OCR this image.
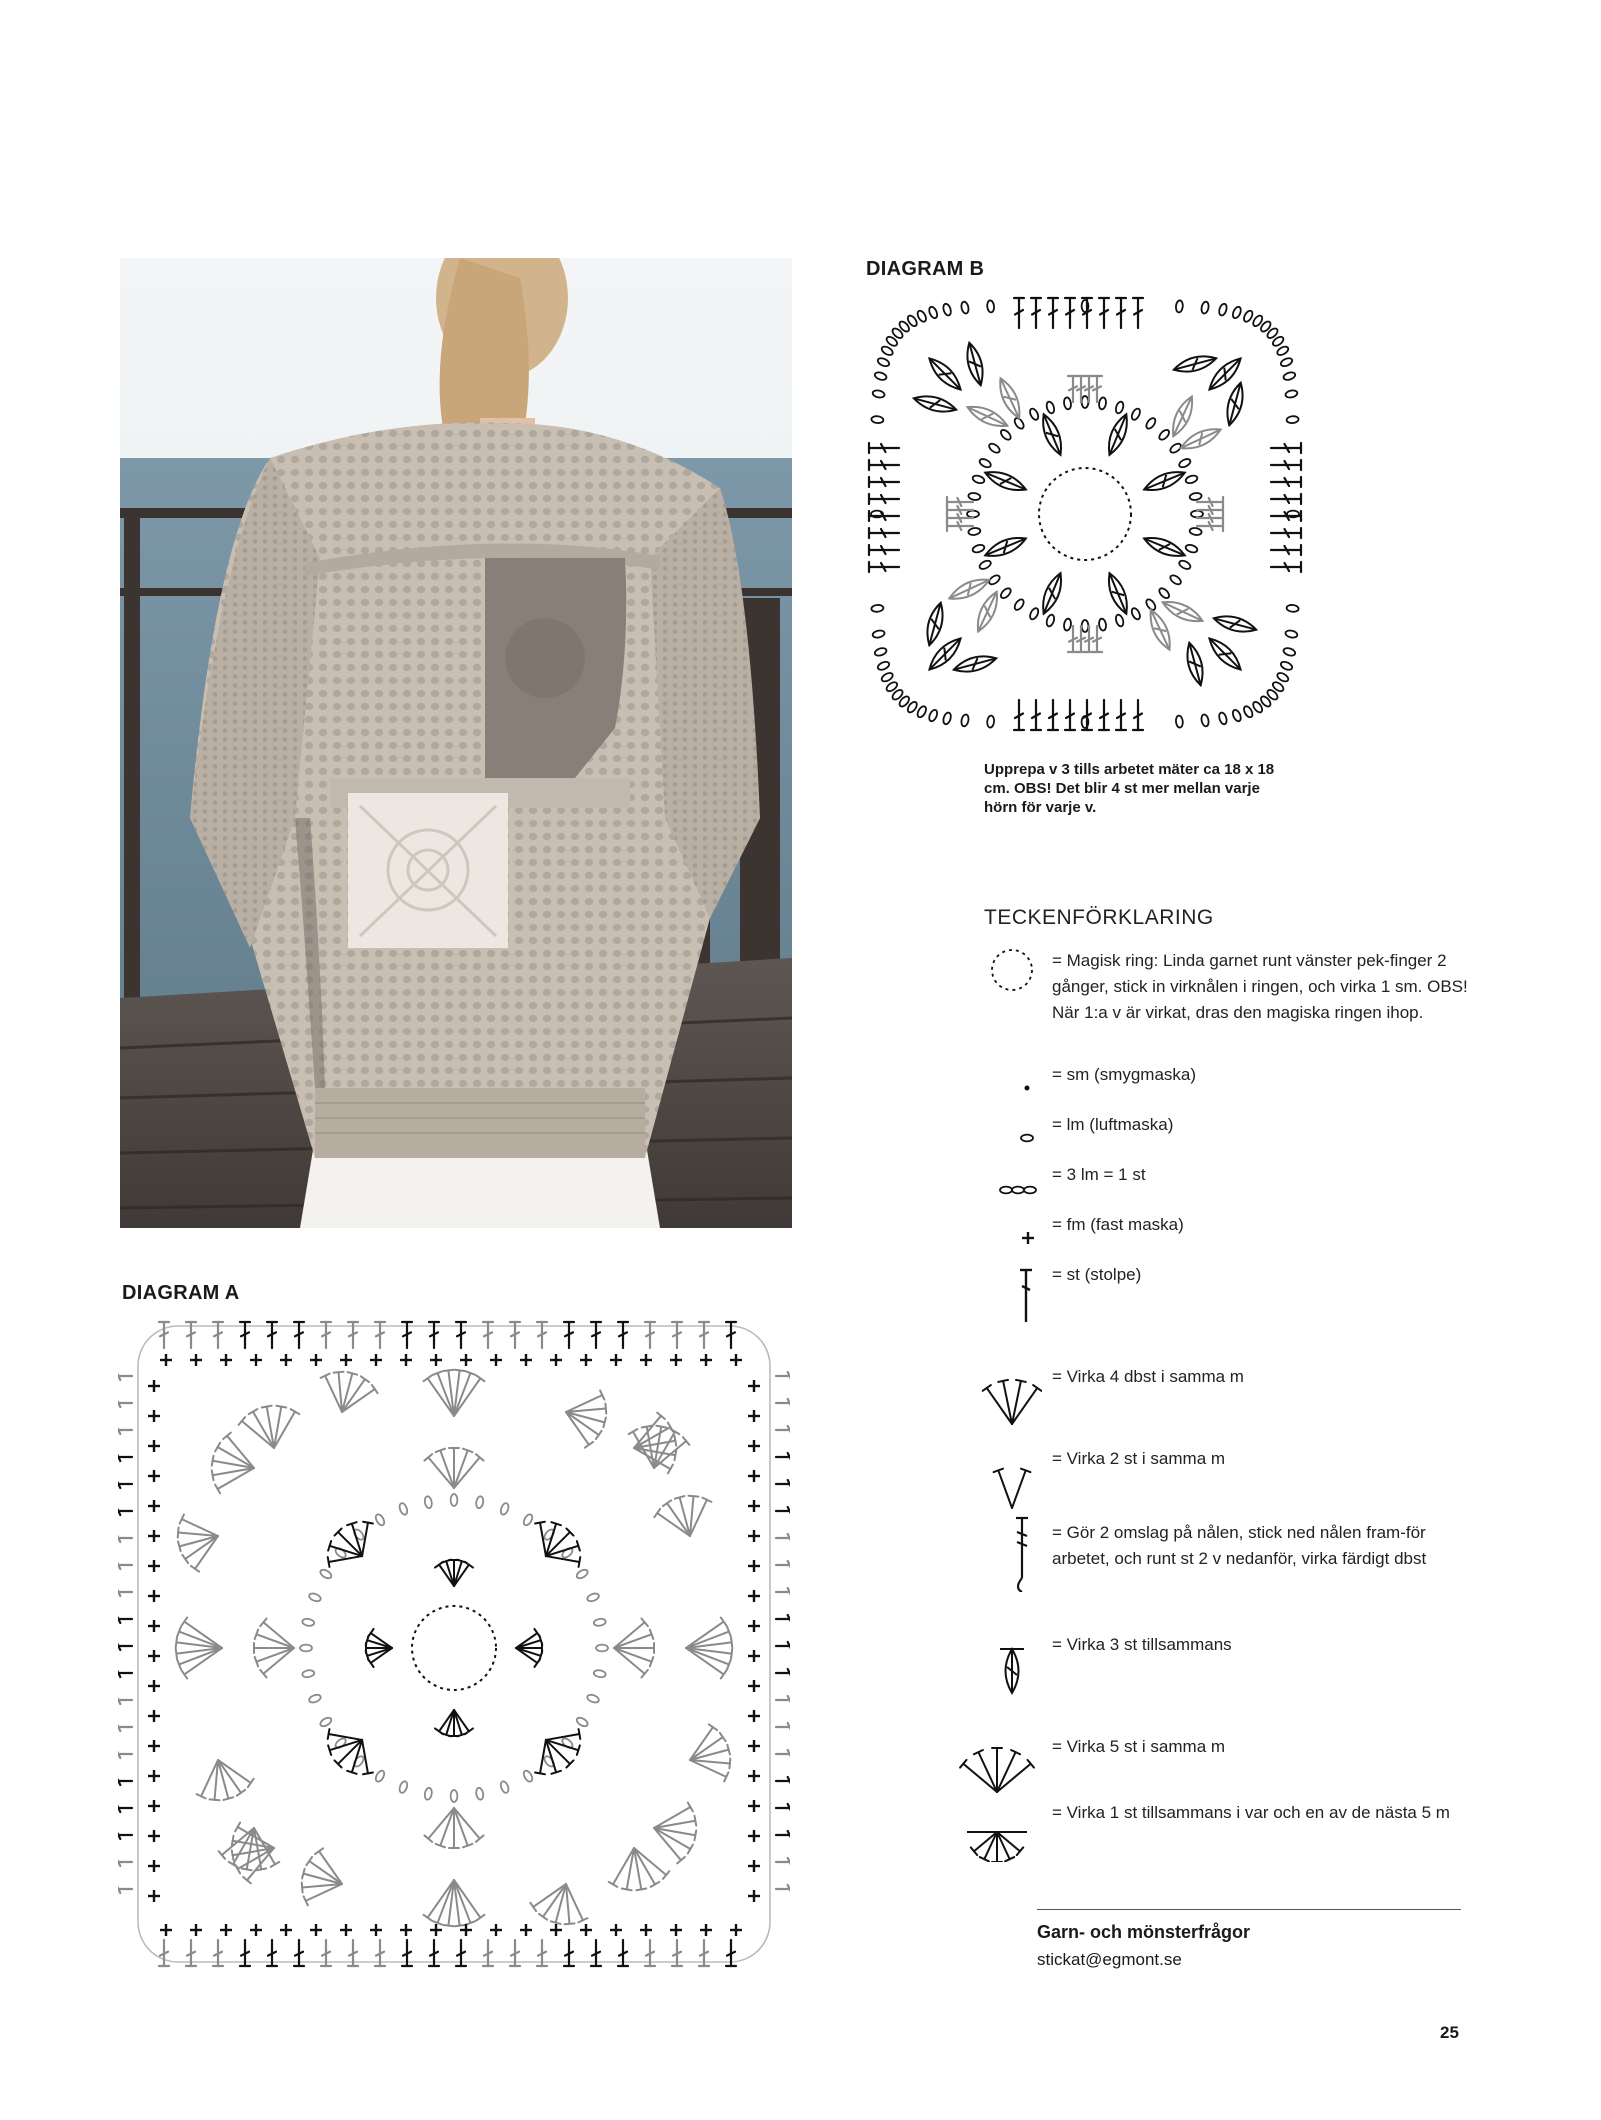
DIAGRAM A
DIAGRAM B
Upprepa v 3 tills arbetet mäter ca 18 x 18 cm. OBS! Det blir 4 st mer mellan varje hörn för varje v.
TECKENFÖRKLARING
= Magisk ring: Linda garnet runt vänster pek-finger 2 gånger, stick in virknålen i ringen, och virka 1 sm. OBS! När 1:a v är virkat, dras den magiska ringen ihop.
= sm (smygmaska)
= lm (luftmaska)
= 3 lm = 1 st
= fm (fast maska)
= st (stolpe)
= Virka 4 dbst i samma m
= Virka 2 st i samma m
= Gör 2 omslag på nålen, stick ned nålen fram-för arbetet, och runt st 2 v nedanför, virka färdigt dbst
= Virka 3 st tillsammans
= Virka 5 st i samma m
= Virka 1 st tillsammans i var och en av de nästa 5 m
Garn- och mönsterfrågor
stickat@egmont.se
25
